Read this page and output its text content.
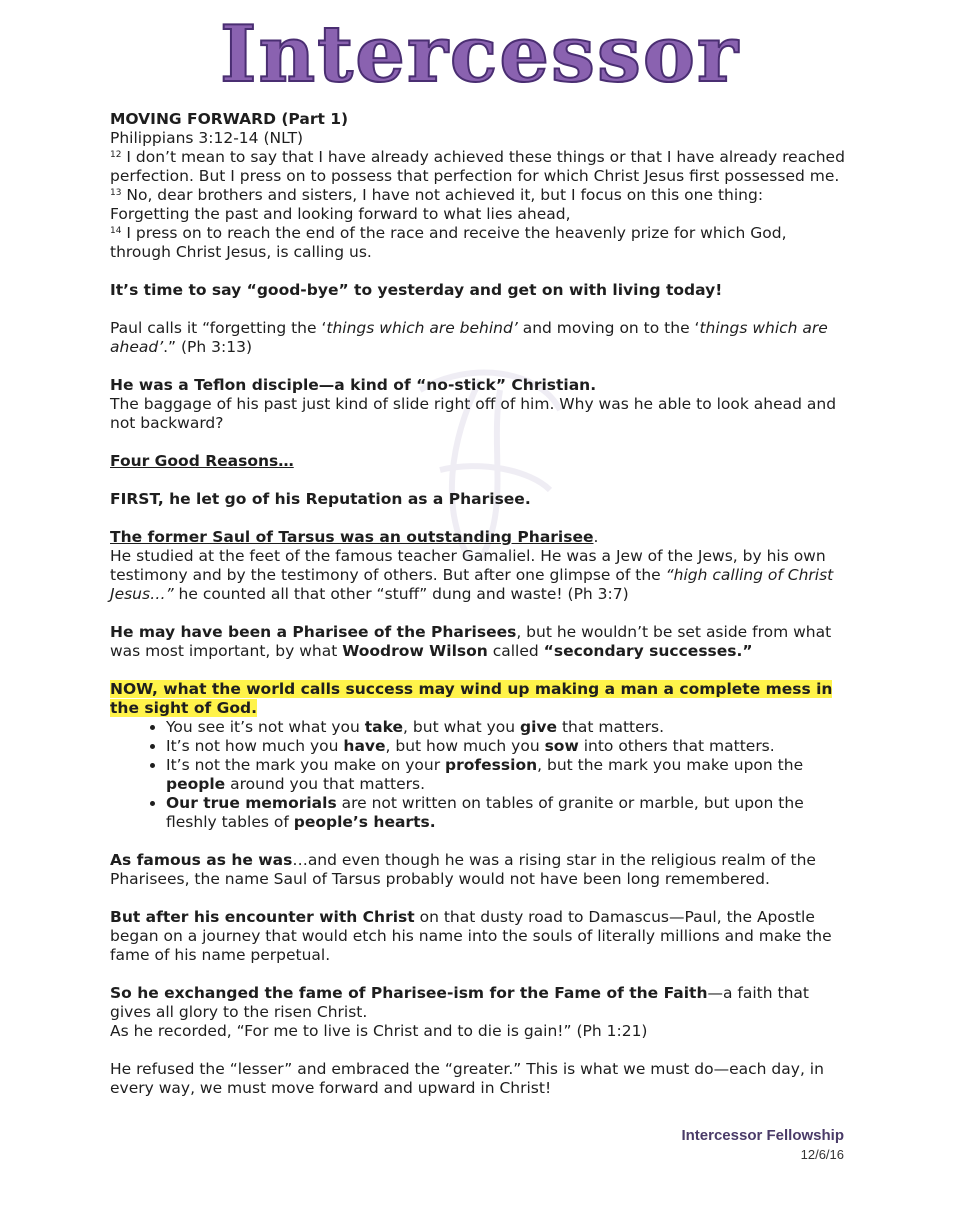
Intercessor

MOVING FORWARD (Part 1)

Philippians 3:12-14 (NLT)

$^{12}$ I don’t mean to say that I have already achieved these things or that I have already reached perfection. But I press on to possess that perfection for which Christ Jesus first possessed me.

$^{13}$ No, dear brothers and sisters, I have not achieved it, but I focus on this one thing: Forgetting the past and looking forward to what lies ahead,

$^{14}$ I press on to reach the end of the race and receive the heavenly prize for which God, through Christ Jesus, is calling us.

It’s time to say “good-bye” to yesterday and get on with living today!

Paul calls it “forgetting the ‘things which are behind’ and moving on to the ‘things which are ahead’.” (Ph 3:13)

He was a Teflon disciple—a kind of “no-stick” Christian.

The baggage of his past just kind of slide right off of him. Why was he able to look ahead and not backward?

Four Good Reasons…

FIRST, he let go of his Reputation as a Pharisee.

The former Saul of Tarsus was an outstanding Pharisee.

He studied at the feet of the famous teacher Gamaliel. He was a Jew of the Jews, by his own testimony and by the testimony of others. But after one glimpse of the “high calling of Christ Jesus…” he counted all that other “stuff” dung and waste! (Ph 3:7)

He may have been a Pharisee of the Pharisees, but he wouldn’t be set aside from what was most important, by what Woodrow Wilson called “secondary successes.”

NOW, what the world calls success may wind up making a man a complete mess in the sight of God.

• You see it’s not what you take, but what you give that matters.
• It’s not how much you have, but how much you sow into others that matters.
• It’s not the mark you make on your profession, but the mark you make upon the people around you that matters.
• Our true memorials are not written on tables of granite or marble, but upon the fleshly tables of people’s hearts.

As famous as he was…and even though he was a rising star in the religious realm of the Pharisees, the name Saul of Tarsus probably would not have been long remembered.

But after his encounter with Christ on that dusty road to Damascus—Paul, the Apostle began on a journey that would etch his name into the souls of literally millions and make the fame of his name perpetual.

So he exchanged the fame of Pharisee-ism for the Fame of the Faith—a faith that gives all glory to the risen Christ.

As he recorded, “For me to live is Christ and to die is gain!” (Ph 1:21)

He refused the “lesser” and embraced the “greater.” This is what we must do—each day, in every way, we must move forward and upward in Christ!

Intercessor Fellowship
12/6/16
